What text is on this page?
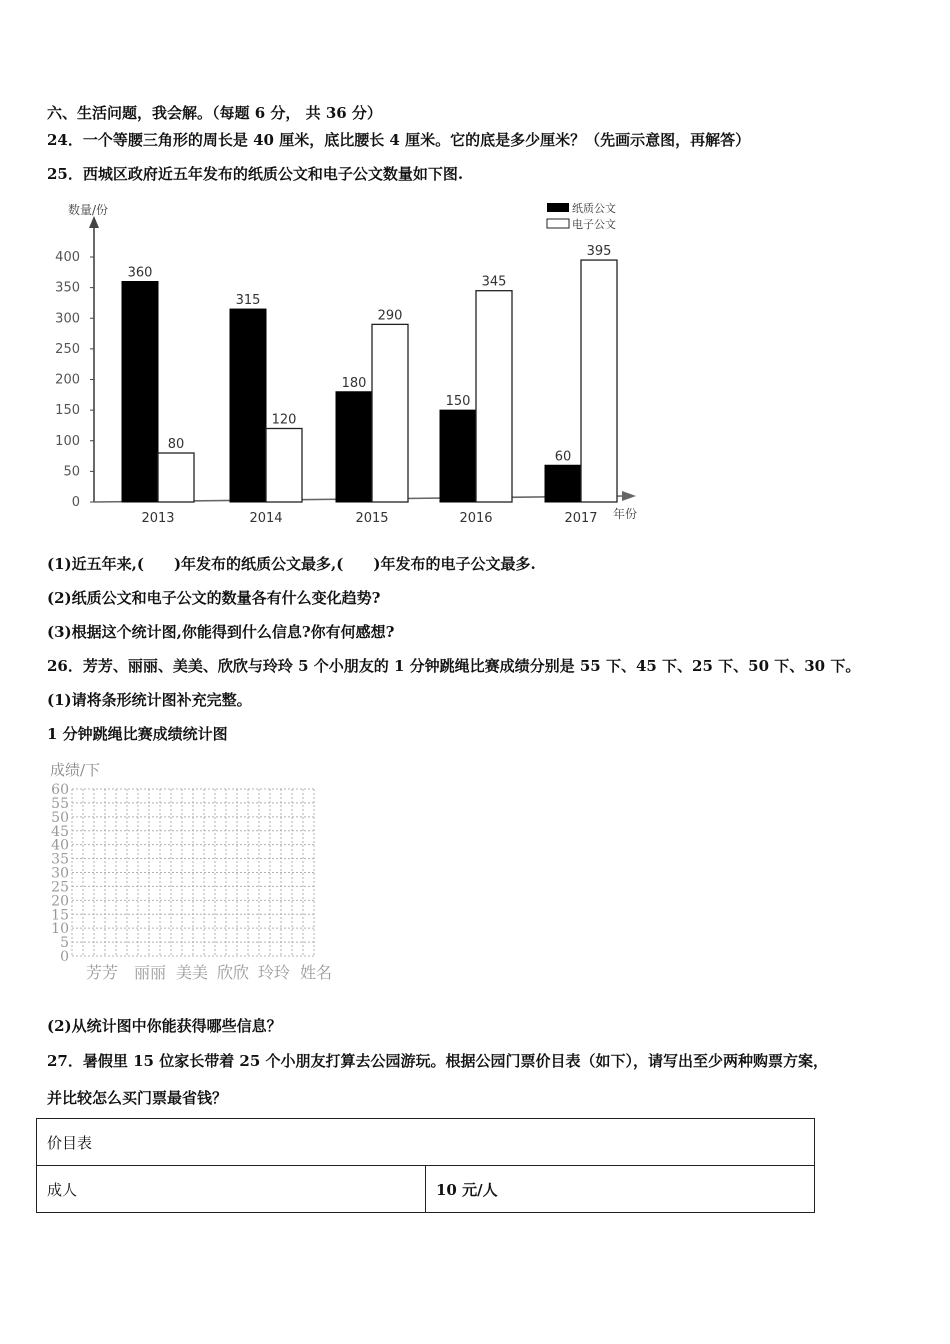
六、生活问题，我会解。（每题 6 分， 共 36 分）
24．一个等腰三角形的周长是 40 厘米，底比腰长 4 厘米。它的底是多少厘米？（先画示意图，再解答）
25．西城区政府近五年发布的纸质公文和电子公文数量如下图.
数量/份
年份
0
50
100
150
200
250
300
350
400
360
80
2013
315
120
2014
180
290
2015
150
345
2016
60
395
2017
纸质公文
电子公文
(1)近五年来,(　　)年发布的纸质公文最多,(　　)年发布的电子公文最多.
(2)纸质公文和电子公文的数量各有什么变化趋势?
(3)根据这个统计图,你能得到什么信息?你有何感想?
26．芳芳、丽丽、美美、欣欣与玲玲 5 个小朋友的 1 分钟跳绳比赛成绩分别是 55 下、45 下、25 下、50 下、30 下。
(1)请将条形统计图补充完整。
1 分钟跳绳比赛成绩统计图
成绩/下
0
5
10
15
20
25
30
35
40
45
50
55
60
芳芳 丽丽 美美 欣欣 玲玲 姓名
(2)从统计图中你能获得哪些信息？
27．暑假里 15 位家长带着 25 个小朋友打算去公园游玩。根据公园门票价目表（如下），请写出至少两种购票方案，
并比较怎么买门票最省钱？
价目表
成人	10 元/人
